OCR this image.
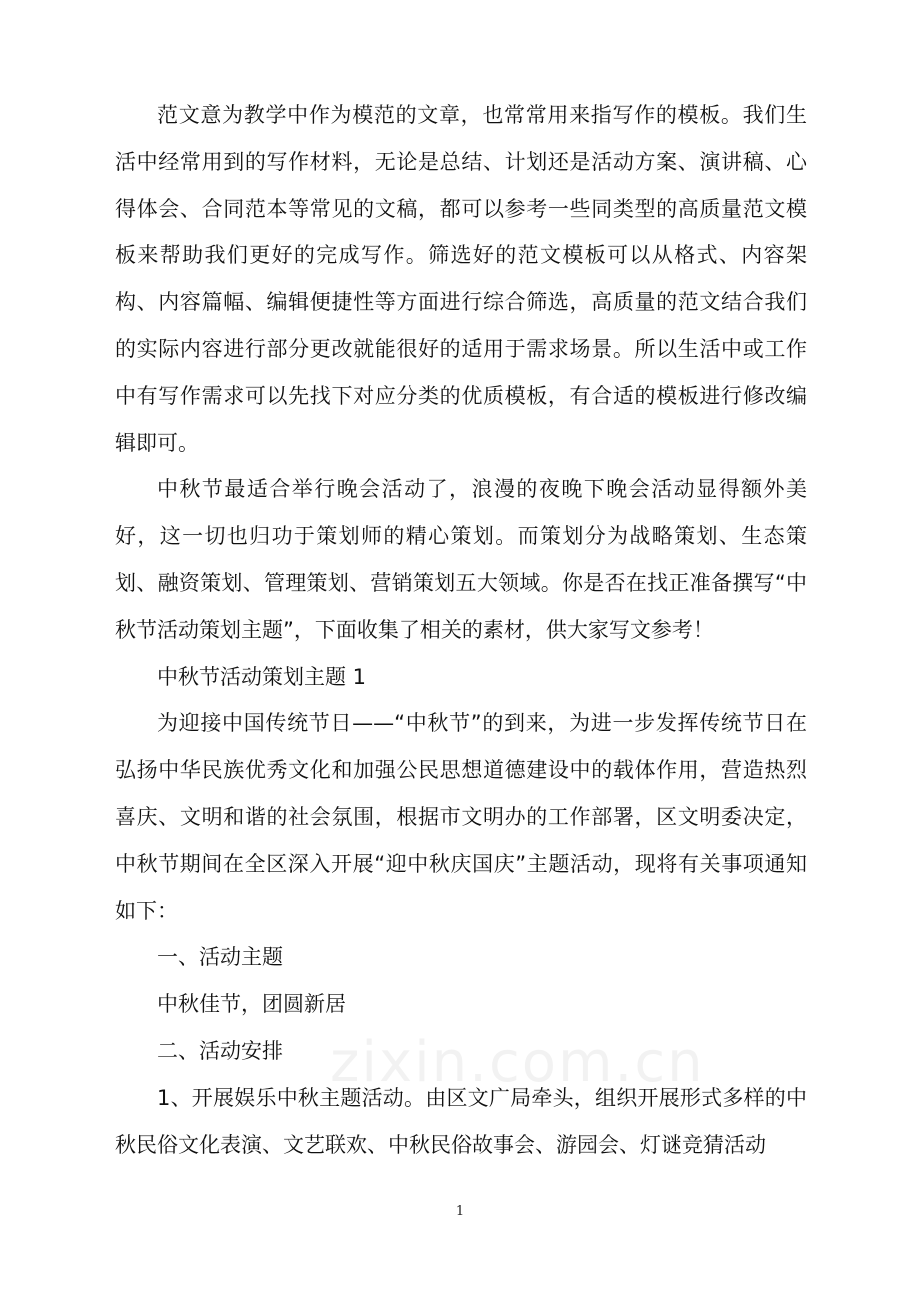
范文意为教学中作为模范的文章，也常常用来指写作的模板。我们生活中经常用到的写作材料，无论是总结、计划还是活动方案、演讲稿、心得体会、合同范本等常见的文稿，都可以参考一些同类型的高质量范文模板来帮助我们更好的完成写作。筛选好的范文模板可以从格式、内容架构、内容篇幅、编辑便捷性等方面进行综合筛选，高质量的范文结合我们的实际内容进行部分更改就能很好的适用于需求场景。所以生活中或工作中有写作需求可以先找下对应分类的优质模板，有合适的模板进行修改编辑即可。

中秋节最适合举行晚会活动了，浪漫的夜晚下晚会活动显得额外美好，这一切也归功于策划师的精心策划。而策划分为战略策划、生态策划、融资策划、管理策划、营销策划五大领域。你是否在找正准备撰写“中秋节活动策划主题”，下面收集了相关的素材，供大家写文参考！

中秋节活动策划主题 1

为迎接中国传统节日——“中秋节”的到来，为进一步发挥传统节日在弘扬中华民族优秀文化和加强公民思想道德建设中的载体作用，营造热烈喜庆、文明和谐的社会氛围，根据市文明办的工作部署，区文明委决定，中秋节期间在全区深入开展“迎中秋庆国庆”主题活动，现将有关事项通知如下：

一、活动主题

中秋佳节，团圆新居

二、活动安排

1、开展娱乐中秋主题活动。由区文广局牵头，组织开展形式多样的中秋民俗文化表演、文艺联欢、中秋民俗故事会、游园会、灯谜竞猜活动

zixin.com.cn
1
